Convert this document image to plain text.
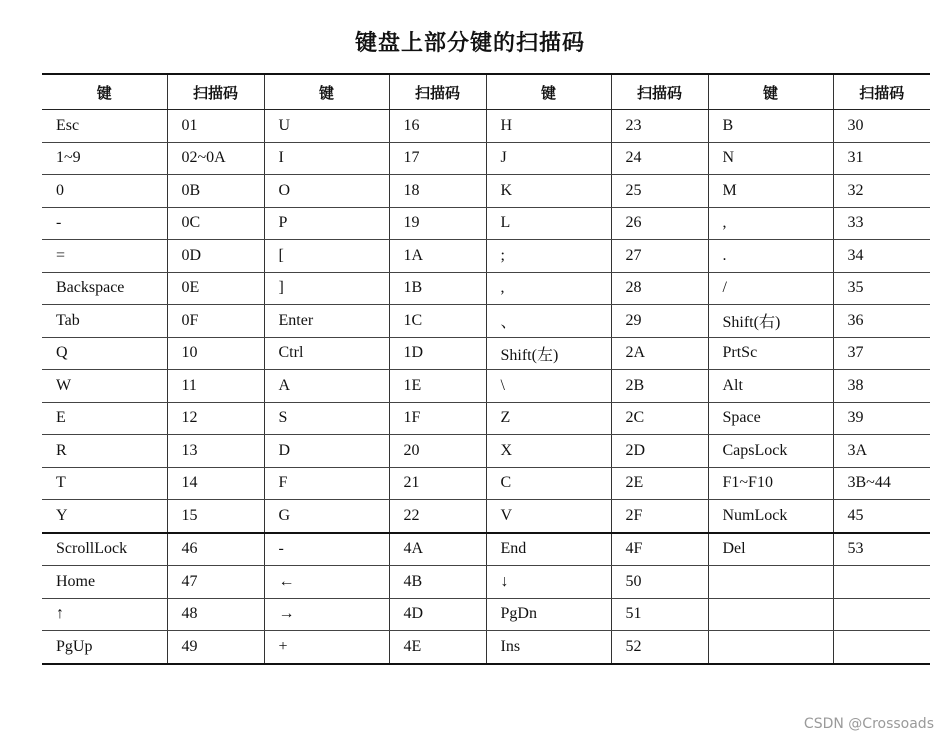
键盘上部分键的扫描码
键	扫描码	键	扫描码	键	扫描码	键	扫描码
Esc	01	U	16	H	23	B	30
1~9	02~0A	I	17	J	24	N	31
0	0B	O	18	K	25	M	32
-	0C	P	19	L	26	,	33
=	0D	[	1A	;	27	.	34
Backspace	0E	]	1B	,	28	/	35
Tab	0F	Enter	1C	、	29	Shift(右)	36
Q	10	Ctrl	1D	Shift(左)	2A	PrtSc	37
W	11	A	1E	\	2B	Alt	38
E	12	S	1F	Z	2C	Space	39
R	13	D	20	X	2D	CapsLock	3A
T	14	F	21	C	2E	F1~F10	3B~44
Y	15	G	22	V	2F	NumLock	45
ScrollLock	46	-	4A	End	4F	Del	53
Home	47	←	4B	↓	50		
↑	48	→	4D	PgDn	51		
PgUp	49	+	4E	Ins	52		
CSDN @Crossoads
